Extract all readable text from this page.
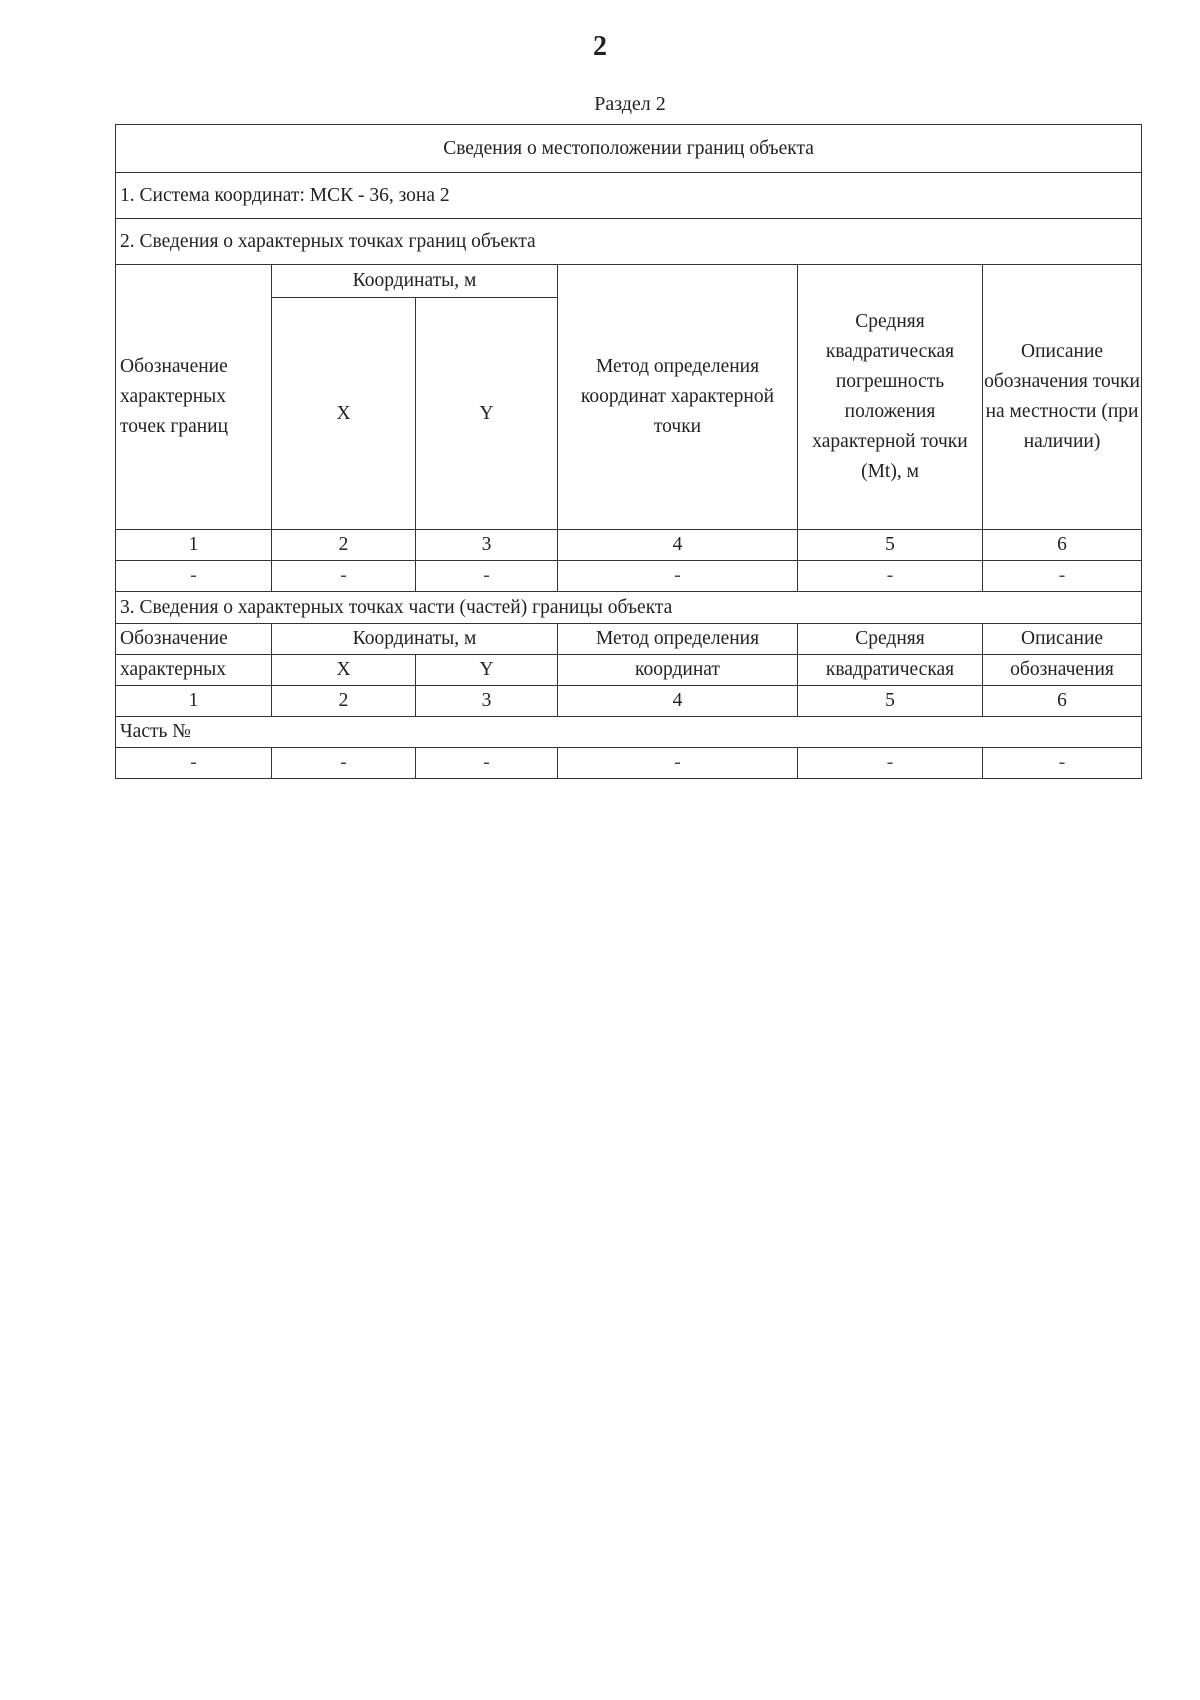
2
Раздел 2
Сведения о местоположении границ объекта					
1. Система координат: МСК - 36, зона 2					
2. Сведения о характерных точках границ объекта					
Обозначение характерных точек границ	Координаты, м		Метод определения координат характерной точки	Средняя квадратическая погрешность положения характерной точки (Mt), м	Описание обозначения точки на местности (при наличии)
	X	Y			
1	2	3	4	5	6
-	-	-	-	-	-
3. Сведения о характерных точках части (частей) границы объекта					
Обозначение	Координаты, м		Метод определения	Средняя	Описание
характерных	X	Y	координат	квадратическая	обозначения
1	2	3	4	5	6
Часть №					
-	-	-	-	-	-
